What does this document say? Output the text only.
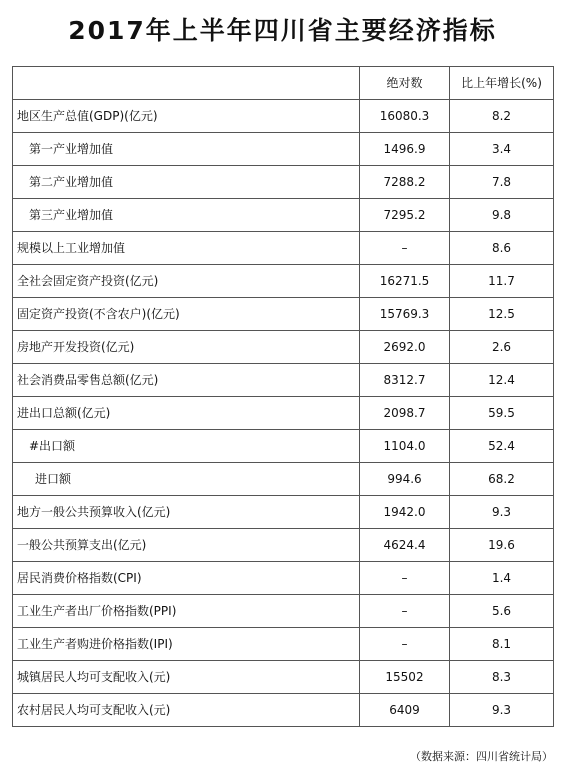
2017年上半年四川省主要经济指标
	绝对数	比上年增长(%)
地区生产总值(GDP)(亿元)	16080.3	8.2
第一产业增加值	1496.9	3.4
第二产业增加值	7288.2	7.8
第三产业增加值	7295.2	9.8
规模以上工业增加值	–	8.6
全社会固定资产投资(亿元)	16271.5	11.7
固定资产投资(不含农户)(亿元)	15769.3	12.5
房地产开发投资(亿元)	2692.0	2.6
社会消费品零售总额(亿元)	8312.7	12.4
进出口总额(亿元)	2098.7	59.5
#出口额	1104.0	52.4
进口额	994.6	68.2
地方一般公共预算收入(亿元)	1942.0	9.3
一般公共预算支出(亿元)	4624.4	19.6
居民消费价格指数(CPI)	–	1.4
工业生产者出厂价格指数(PPI)	–	5.6
工业生产者购进价格指数(IPI)	–	8.1
城镇居民人均可支配收入(元)	15502	8.3
农村居民人均可支配收入(元)	6409	9.3
（数据来源：四川省统计局）
